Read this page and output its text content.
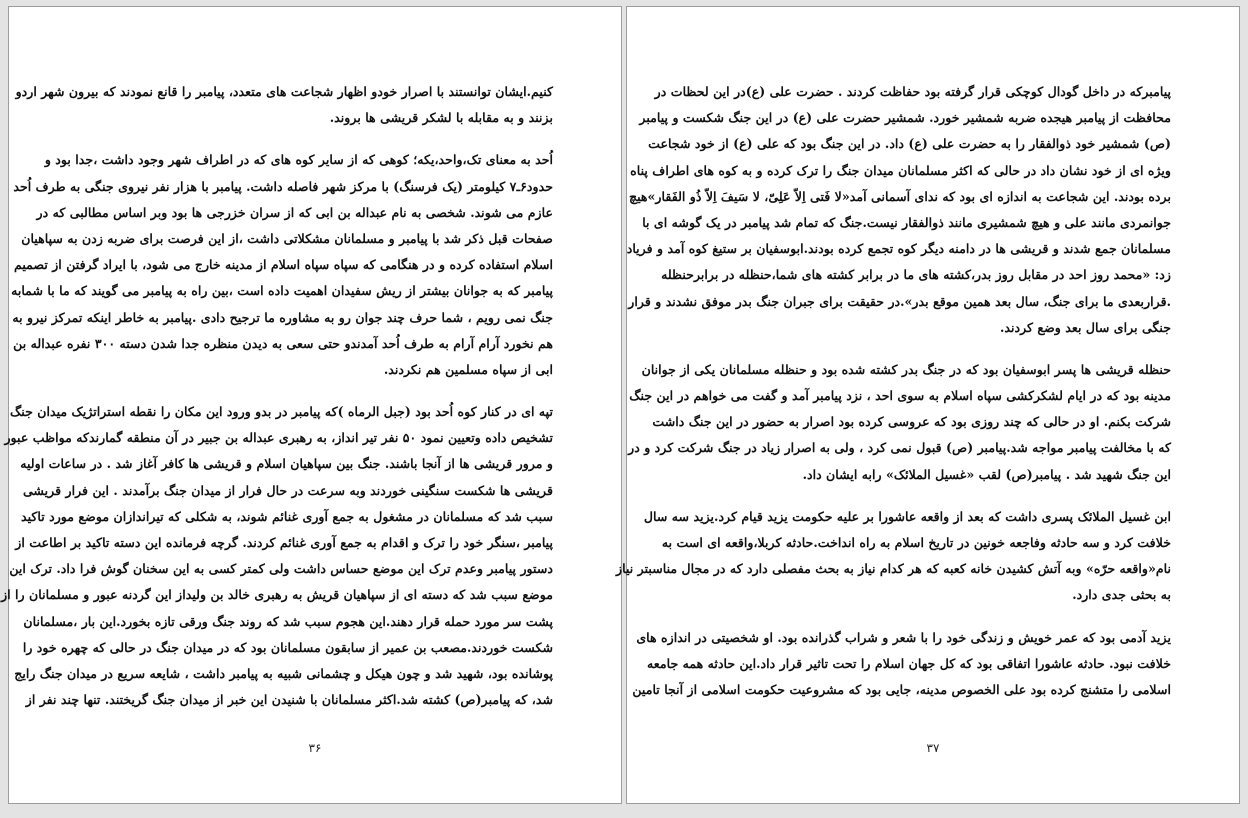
کنیم.ایشان توانستند با اصرار خودو اظهار شجاعت های متعدد، پیامبر را قانع نمودند که بیرون شهر اردو
بزنند و به مقابله با لشکر قریشی ها بروند.
اُحد به معنای تک،واحد،یکه؛ کوهی که از سایر کوه های که در اطراف شهر وجود داشت ،جدا بود و
حدود۶ـ۷ کیلومتر (یک فرسنگ) با مرکز شهر فاصله داشت. پیامبر با هزار نفر نیروی جنگی به طرف اُحد
عازم می شوند. شخصی به نام عبداله بن ابی که از سران خزرجی ها بود وبر اساس مطالبی که در
صفحات قبل ذکر شد با پیامبر و مسلمانان مشکلاتی داشت ،از این فرصت برای ضربه زدن به سپاهیان
اسلام استفاده کرده و در هنگامی که سپاه سپاه اسلام از مدینه خارج می شود، با ایراد گرفتن از تصمیم
پیامبر که به جوانان بیشتر از ریش سفیدان اهمیت داده است ،بین راه به پیامبر می گویند که ما با شمابه
جنگ نمی رویم ، شما حرف چند جوان رو به مشاوره ما ترجیح دادی .پیامبر به خاطر اینکه تمرکز نیرو به
هم نخورد آرام آرام به طرف اُحد آمدندو حتی سعی به دیدن منظره جدا شدن دسته ۳۰۰ نفره عبداله بن
ابی از سپاه مسلمین هم نکردند.
تپه ای در کنار کوه اُحد بود (جبل الرماه )که پیامبر در بدو ورود این مکان را نقطه استراتژیک میدان جنگ
تشخیص داده وتعیین نمود ۵۰ نفر تیر انداز، به رهبری عبداله بن جبیر در آن منطقه گمارندکه مواظب عبور
و مرور قریشی ها از آنجا باشند. جنگ بین سپاهیان اسلام و قریشی ها کافر آغاز شد . در ساعات اولیه
قریشی ها شکست سنگینی خوردند وبه سرعت در حال فرار از میدان جنگ برآمدند . این فرار قریشی
سبب شد که مسلمانان در مشغول به جمع آوری غنائم شوند، به شکلی که تیراندازان موضع مورد تاکید
پیامبر ،سنگر خود را ترک و اقدام به جمع آوری غنائم کردند. گرچه فرمانده این دسته تاکید بر اطاعت از
دستور پیامبر وعدم ترک این موضع حساس داشت ولی کمتر کسی به این سخنان گوش فرا داد. ترک این
موضع سبب شد که دسته ای از سپاهیان قریش به رهبری خالد بن ولیداز این گردنه عبور و مسلمانان را از
پشت سر مورد حمله قرار دهند.این هجوم سبب شد که روند جنگ ورقی تازه بخورد.این بار ،مسلمانان
شکست خوردند.مصعب بن عمیر از سابقون مسلمانان بود که در میدان جنگ در حالی که چهره خود را
پوشانده بود، شهید شد و چون هیکل و چشمانی شبیه به پیامبر داشت ، شایعه سریع در میدان جنگ رایج
شد، که پیامبر(ص) کشته شد.اکثر مسلمانان با شنیدن این خبر از میدان جنگ گریختند. تنها چند نفر از
۳۶
پیامبرکه در داخل گودال کوچکی قرار گرفته بود حفاظت کردند . حضرت علی (ع)در این لحظات در
محافظت از پیامبر هیجده ضربه شمشیر خورد. شمشیر حضرت علی (ع) در این جنگ شکست و پیامبر
(ص) شمشیر خود ذوالفقار را به حضرت علی (ع) داد. در این جنگ بود که علی (ع) از خود شجاعت
ویژه ای از خود نشان داد در حالی که اکثر مسلمانان میدان جنگ را ترک کرده و به کوه های اطراف پناه
برده بودند. این شجاعت به اندازه ای بود که ندای آسمانی آمد«لا فَتی اِلاّ عَلِیّ، لا سَیفَ اِلاّ ذُو الفَقار»هیچ
جوانمردی مانند علی و هیچ شمشیری مانند ذوالفقار نیست.جنگ که تمام شد پیامبر در یک گوشه ای با
مسلمانان جمع شدند و قریشی ها در دامنه دیگر کوه تجمع کرده بودند.ابوسفیان بر ستیغ کوه آمد و فریاد
زد: «محمد روز احد در مقابل روز بدر،کشته های ما در برابر کشته های شما،حنظله در برابرحنظله
.قراربعدی ما برای جنگ، سال بعد همین موقع بدر».در حقیقت برای جبران جنگ بدر موفق نشدند و قرار
جنگی برای سال بعد وضع کردند.
حنظله قریشی ها پسر ابوسفیان بود که در جنگ بدر کشته شده بود و حنظله مسلمانان یکی از جوانان
مدینه بود که در ایام لشکرکشی سپاه اسلام به سوی احد ، نزد پیامبر آمد و گفت می خواهم در این جنگ
شرکت بکنم. او در حالی که چند روزی بود که عروسی کرده بود اصرار به حضور در این جنگ داشت
که با مخالفت پیامبر مواجه شد.پیامبر (ص) قبول نمی کرد ، ولی به اصرار زیاد در جنگ شرکت کرد و در
این جنگ شهید شد . پیامبر(ص) لقب «غسیل الملائک» رابه ایشان داد.
ابن غسیل الملائک پسری داشت که بعد از واقعه عاشورا بر علیه حکومت یزید قیام کرد.یزید سه سال
خلافت کرد و سه حادثه وفاجعه خونین در تاریخ اسلام به راه انداخت.حادثه کربلا،واقعه ای است به
نام«واقعه حرّه» وبه آتش کشیدن خانه کعبه که هر کدام نیاز به بحث مفصلی دارد که در مجال مناسبتر نیاز
به بحثی جدی دارد.
یزید آدمی بود که عمر خویش و زندگی خود را با شعر و شراب گذرانده بود. او شخصیتی در اندازه های
خلافت نبود. حادثه عاشورا اتفاقی بود که کل جهان اسلام را تحت تاثیر قرار داد.این حادثه همه جامعه
اسلامی را متشنج کرده بود علی الخصوص مدینه، جایی بود که مشروعیت حکومت اسلامی از آنجا تامین
۳۷
